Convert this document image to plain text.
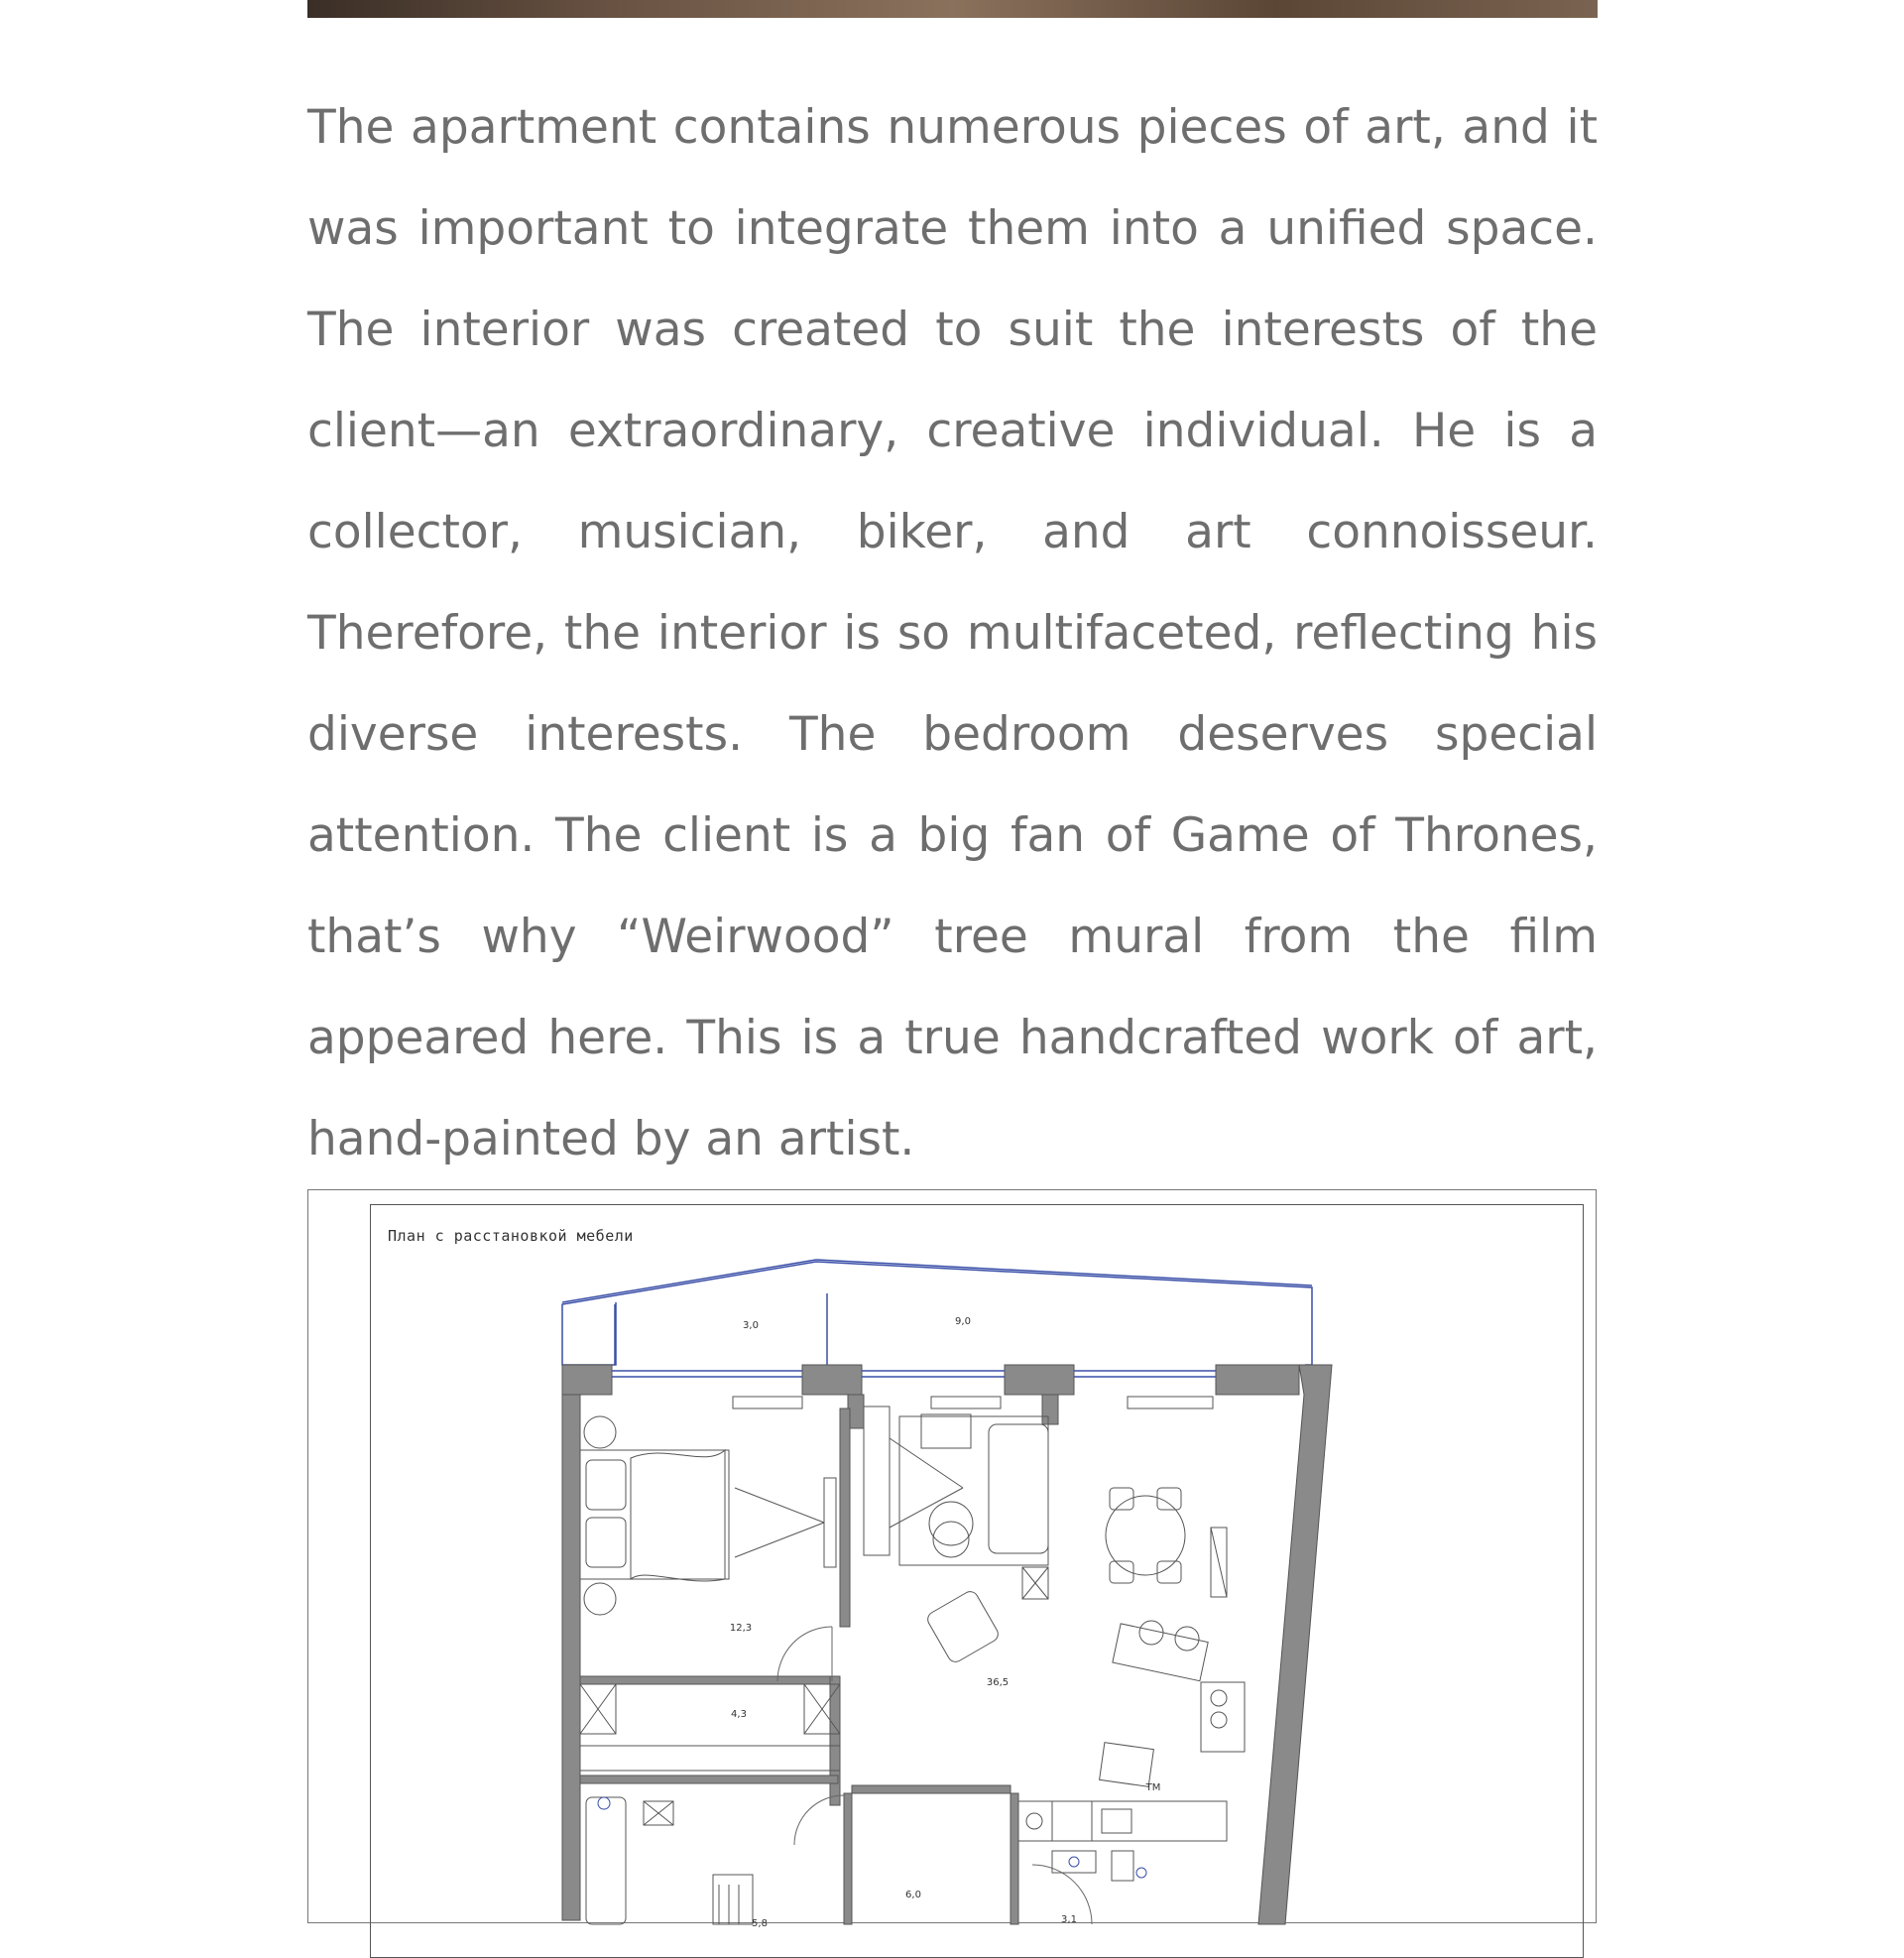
The apartment contains numerous pieces of art, and it was important to integrate them into a unified space. The interior was created to suit the interests of the client—an extraordinary, creative individual. He is a collector, musician, biker, and art connoisseur. Therefore, the interior is so multifaceted, reflecting his diverse interests. The bedroom deserves special attention. The client is a big fan of Game of Thrones, that’s why “Weirwood” tree mural from the film appeared here. This is a true handcrafted work of art, hand-painted by an artist.

План с расстановкой мебели
3,0	9,0
12,3
4,3
36,5
5,8
6,0
3,1
ТМ
